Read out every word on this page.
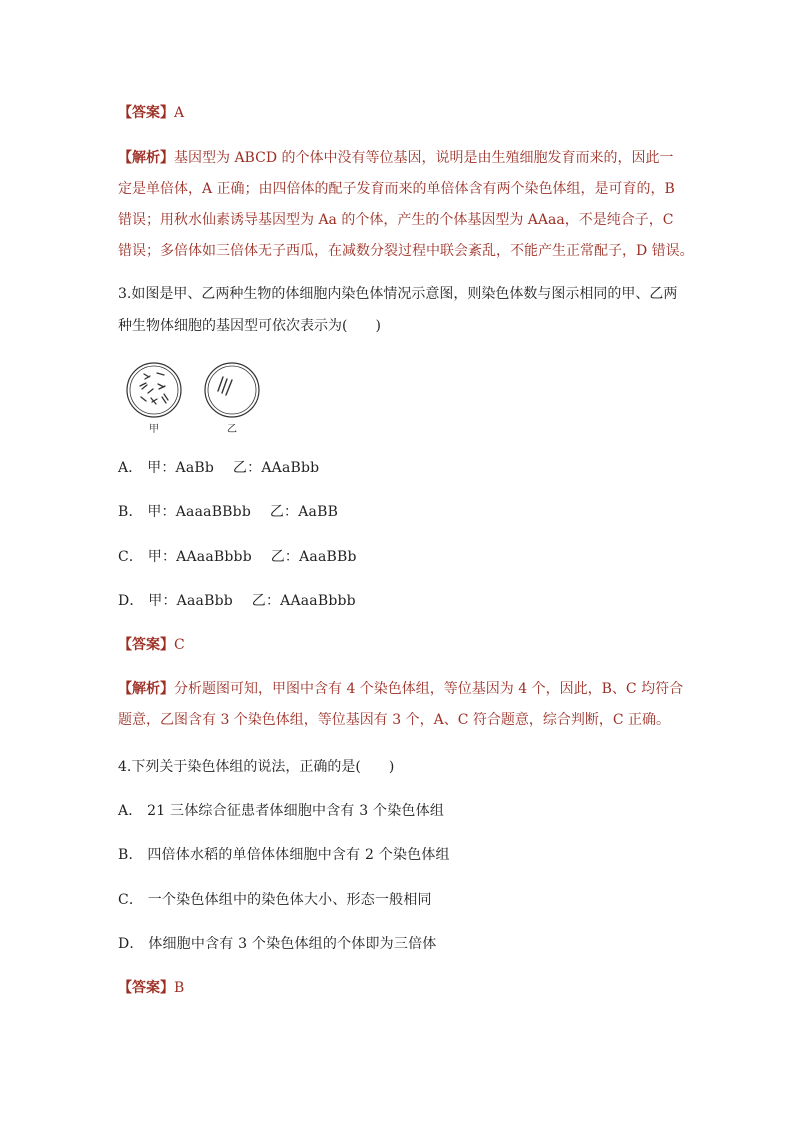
【答案】A
【解析】基因型为 ABCD 的个体中没有等位基因，说明是由生殖细胞发育而来的，因此一
定是单倍体，A 正确；由四倍体的配子发育而来的单倍体含有两个染色体组，是可育的，B
错误；用秋水仙素诱导基因型为 Aa 的个体，产生的个体基因型为 AAaa，不是纯合子，C
错误；多倍体如三倍体无子西瓜，在减数分裂过程中联会紊乱，不能产生正常配子，D 错误。
3.如图是甲、乙两种生物的体细胞内染色体情况示意图，则染色体数与图示相同的甲、乙两
种生物体细胞的基因型可依次表示为(　　)
甲	乙
A． 甲：AaBb　 乙：AAaBbb
B． 甲：AaaaBBbb　 乙：AaBB
C． 甲：AAaaBbbb　 乙：AaaBBb
D． 甲：AaaBbb　 乙：AAaaBbbb
【答案】C
【解析】分析题图可知，甲图中含有 4 个染色体组，等位基因为 4 个，因此，B、C 均符合
题意，乙图含有 3 个染色体组，等位基因有 3 个，A、C 符合题意，综合判断，C 正确。
4.下列关于染色体组的说法，正确的是(　　)
A． 21 三体综合征患者体细胞中含有 3 个染色体组
B． 四倍体水稻的单倍体体细胞中含有 2 个染色体组
C． 一个染色体组中的染色体大小、形态一般相同
D． 体细胞中含有 3 个染色体组的个体即为三倍体
【答案】B
